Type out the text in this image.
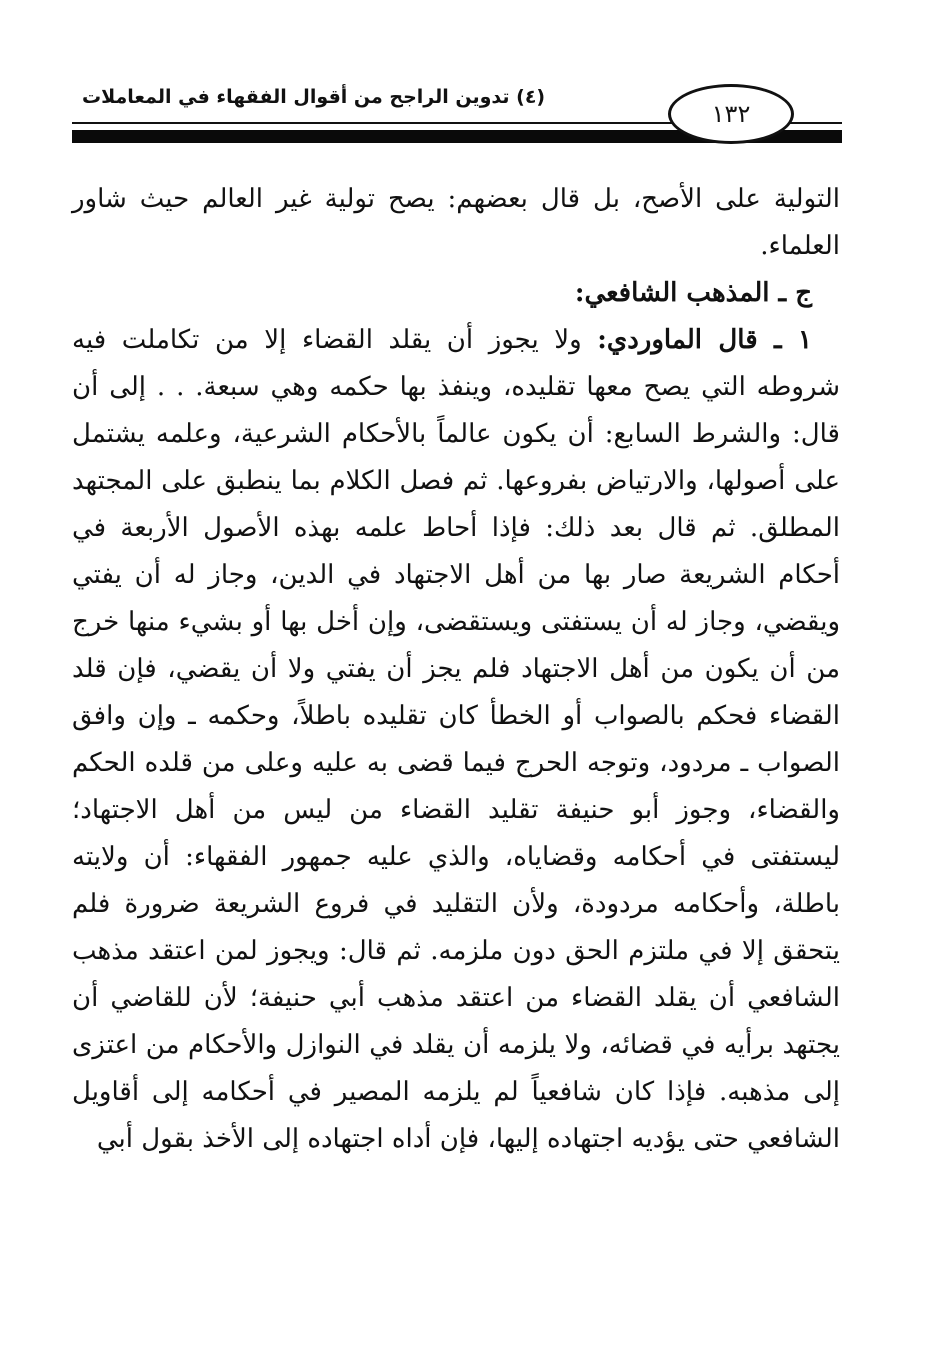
(٤) تدوين الراجح من أقوال الفقهاء في المعاملات
١٣٢

التولية على الأصح، بل قال بعضهم: يصح تولية غير العالم حيث شاور العلماء.

ج ـ المذهب الشافعي:

١ ـ قال الماوردي: ولا يجوز أن يقلد القضاء إلا من تكاملت فيه شروطه التي يصح معها تقليده، وينفذ بها حكمه وهي سبعة. . . إلى أن قال: والشرط السابع: أن يكون عالماً بالأحكام الشرعية، وعلمه يشتمل على أصولها، والارتياض بفروعها. ثم فصل الكلام بما ينطبق على المجتهد المطلق. ثم قال بعد ذلك: فإذا أحاط علمه بهذه الأصول الأربعة في أحكام الشريعة صار بها من أهل الاجتهاد في الدين، وجاز له أن يفتي ويقضي، وجاز له أن يستفتى ويستقضى، وإن أخل بها أو بشيء منها خرج من أن يكون من أهل الاجتهاد فلم يجز أن يفتي ولا أن يقضي، فإن قلد القضاء فحكم بالصواب أو الخطأ كان تقليده باطلاً، وحكمه ـ وإن وافق الصواب ـ مردود، وتوجه الحرج فيما قضى به عليه وعلى من قلده الحكم والقضاء، وجوز أبو حنيفة تقليد القضاء من ليس من أهل الاجتهاد؛ ليستفتى في أحكامه وقضاياه، والذي عليه جمهور الفقهاء: أن ولايته باطلة، وأحكامه مردودة، ولأن التقليد في فروع الشريعة ضرورة فلم يتحقق إلا في ملتزم الحق دون ملزمه. ثم قال: ويجوز لمن اعتقد مذهب الشافعي أن يقلد القضاء من اعتقد مذهب أبي حنيفة؛ لأن للقاضي أن يجتهد برأيه في قضائه، ولا يلزمه أن يقلد في النوازل والأحكام من اعتزى إلى مذهبه. فإذا كان شافعياً لم يلزمه المصير في أحكامه إلى أقاويل الشافعي حتى يؤديه اجتهاده إليها، فإن أداه اجتهاده إلى الأخذ بقول أبي
